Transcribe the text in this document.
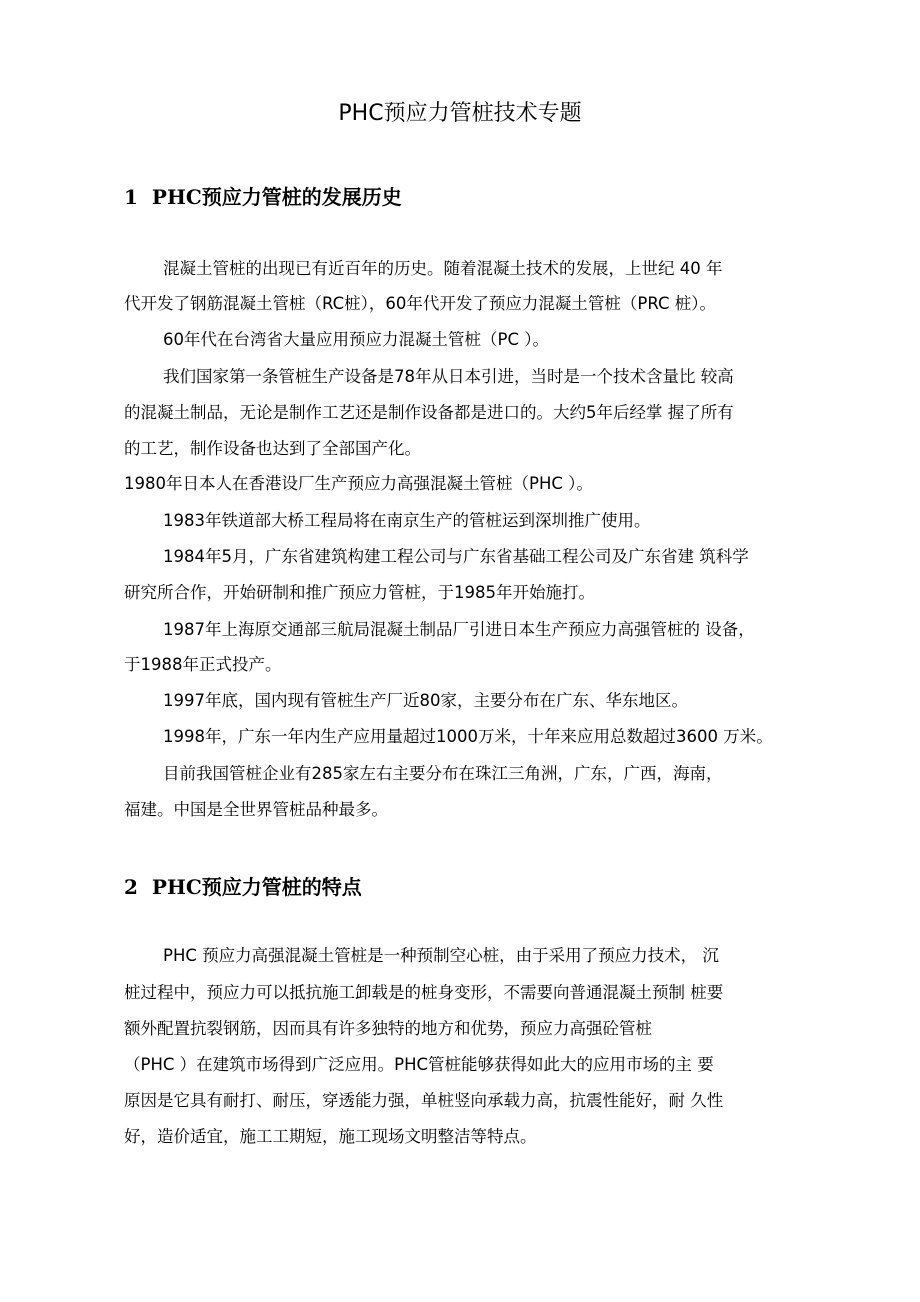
PHC预应力管桩技术专题
1 PHC预应力管桩的发展历史
混凝土管桩的出现已有近百年的历史。随着混凝土技术的发展，上世纪 40 年
代开发了钢筋混凝土管桩（RC桩），60年代开发了预应力混凝土管桩（PRC 桩）。
60年代在台湾省大量应用预应力混凝土管桩（PC ）。
我们国家第一条管桩生产设备是78年从日本引进，当时是一个技术含量比 较高
的混凝土制品，无论是制作工艺还是制作设备都是进口的。大约5年后经掌 握了所有
的工艺，制作设备也达到了全部国产化。
1980年日本人在香港设厂生产预应力高强混凝土管桩（PHC ）。
1983年铁道部大桥工程局将在南京生产的管桩运到深圳推广使用。
1984年5月，广东省建筑构建工程公司与广东省基础工程公司及广东省建 筑科学
研究所合作，开始研制和推广预应力管桩，于1985年开始施打。
1987年上海原交通部三航局混凝土制品厂引进日本生产预应力高强管桩的 设备，
于1988年正式投产。
1997年底，国内现有管桩生产厂近80家，主要分布在广东、华东地区。
1998年，广东一年内生产应用量超过1000万米，十年来应用总数超过3600 万米。
目前我国管桩企业有285家左右主要分布在珠江三角洲，广东，广西，海南，
福建。中国是全世界管桩品种最多。
2 PHC预应力管桩的特点
PHC 预应力高强混凝土管桩是一种预制空心桩，由于采用了预应力技术， 沉
桩过程中，预应力可以抵抗施工卸载是的桩身变形，不需要向普通混凝土预制 桩要
额外配置抗裂钢筋，因而具有许多独特的地方和优势，预应力高强砼管桩
（PHC ）在建筑市场得到广泛应用。PHC管桩能够获得如此大的应用市场的主 要
原因是它具有耐打、耐压，穿透能力强，单桩竖向承载力高，抗震性能好，耐 久性
好，造价适宜，施工工期短，施工现场文明整洁等特点。
